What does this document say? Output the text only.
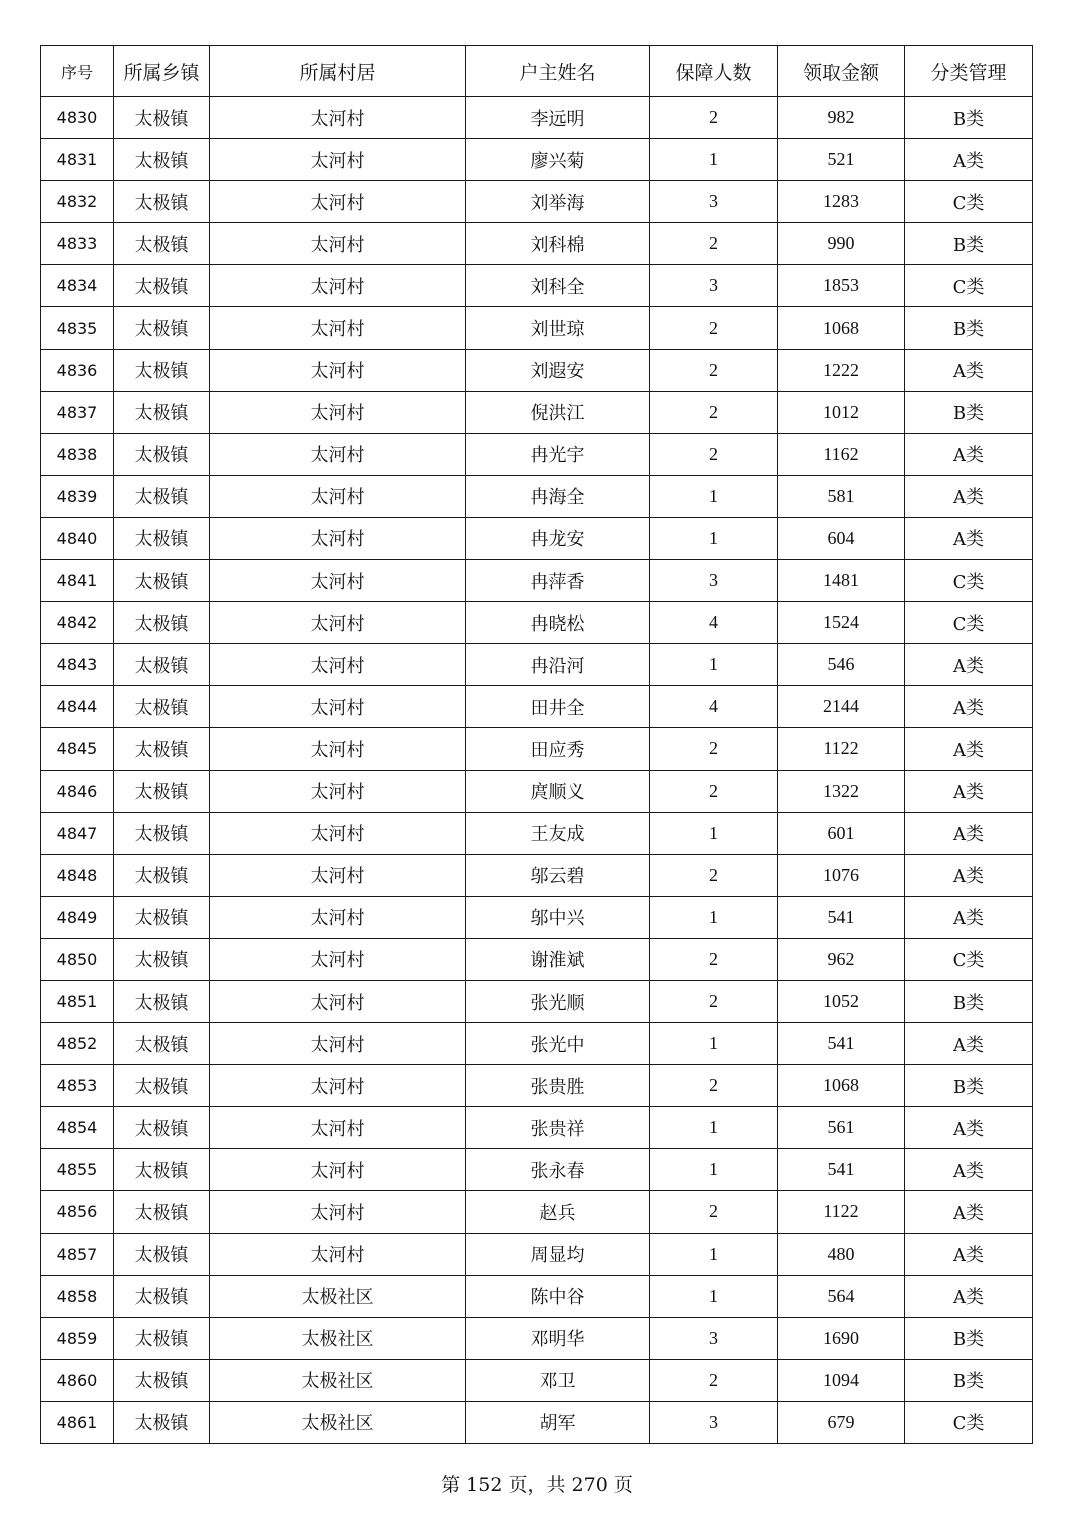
序号	所属乡镇	所属村居	户主姓名	保障人数	领取金额	分类管理
4830	太极镇	太河村	李远明	2	982	B类
4831	太极镇	太河村	廖兴菊	1	521	A类
4832	太极镇	太河村	刘举海	3	1283	C类
4833	太极镇	太河村	刘科棉	2	990	B类
4834	太极镇	太河村	刘科全	3	1853	C类
4835	太极镇	太河村	刘世琼	2	1068	B类
4836	太极镇	太河村	刘遐安	2	1222	A类
4837	太极镇	太河村	倪洪江	2	1012	B类
4838	太极镇	太河村	冉光宇	2	1162	A类
4839	太极镇	太河村	冉海全	1	581	A类
4840	太极镇	太河村	冉龙安	1	604	A类
4841	太极镇	太河村	冉萍香	3	1481	C类
4842	太极镇	太河村	冉晓松	4	1524	C类
4843	太极镇	太河村	冉沿河	1	546	A类
4844	太极镇	太河村	田井全	4	2144	A类
4845	太极镇	太河村	田应秀	2	1122	A类
4846	太极镇	太河村	庹顺义	2	1322	A类
4847	太极镇	太河村	王友成	1	601	A类
4848	太极镇	太河村	邬云碧	2	1076	A类
4849	太极镇	太河村	邬中兴	1	541	A类
4850	太极镇	太河村	谢淮斌	2	962	C类
4851	太极镇	太河村	张光顺	2	1052	B类
4852	太极镇	太河村	张光中	1	541	A类
4853	太极镇	太河村	张贵胜	2	1068	B类
4854	太极镇	太河村	张贵祥	1	561	A类
4855	太极镇	太河村	张永春	1	541	A类
4856	太极镇	太河村	赵兵	2	1122	A类
4857	太极镇	太河村	周显均	1	480	A类
4858	太极镇	太极社区	陈中谷	1	564	A类
4859	太极镇	太极社区	邓明华	3	1690	B类
4860	太极镇	太极社区	邓卫	2	1094	B类
4861	太极镇	太极社区	胡军	3	679	C类
第 152 页，共 270 页
